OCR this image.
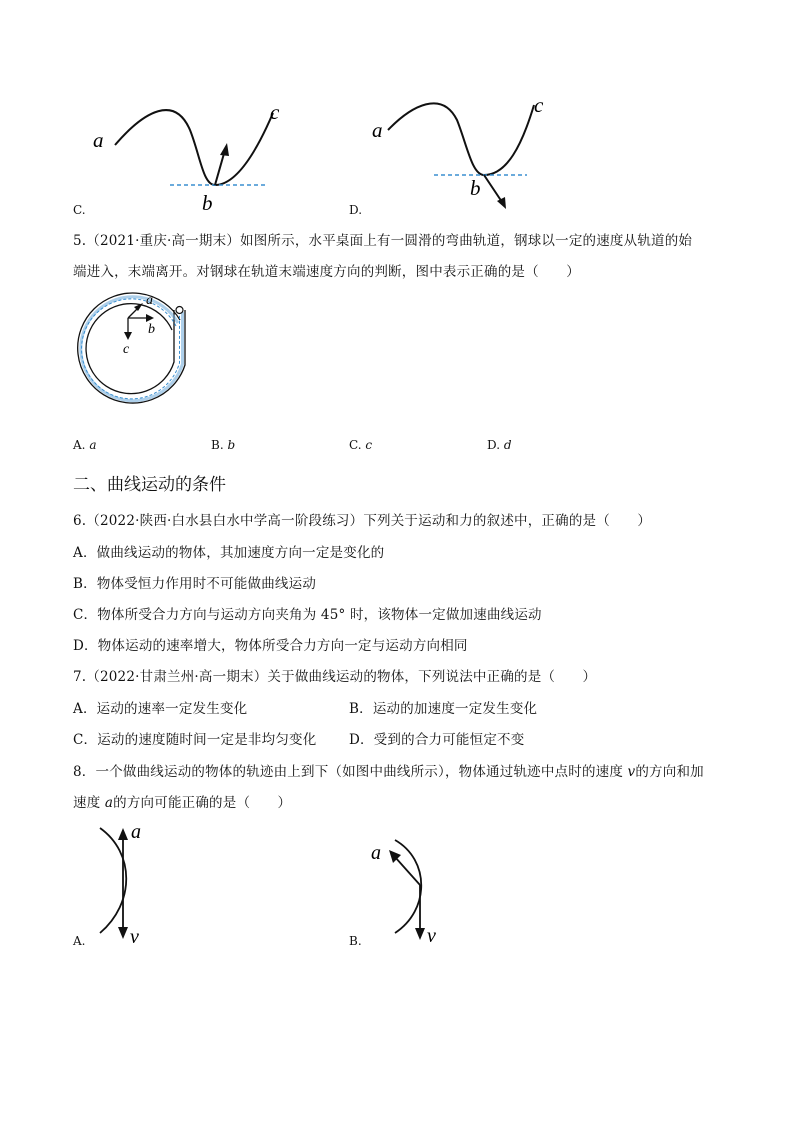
a
b
c
C.
a
b
c
D.
5.（2021·重庆·高一期末）如图所示，水平桌面上有一圆滑的弯曲轨道，钢球以一定的速度从轨道的始
端进入，末端离开。对钢球在轨道末端速度方向的判断，图中表示正确的是（　　）
a
b
c
A. a	B. b	C. c	D. d
二、曲线运动的条件
6.（2022·陕西·白水县白水中学高一阶段练习）下列关于运动和力的叙述中，正确的是（　　）
A．做曲线运动的物体，其加速度方向一定是变化的
B．物体受恒力作用时不可能做曲线运动
C．物体所受合力方向与运动方向夹角为 45° 时，该物体一定做加速曲线运动
D．物体运动的速率增大，物体所受合力方向一定与运动方向相同
7.（2022·甘肃兰州·高一期末）关于做曲线运动的物体，下列说法中正确的是（　　）
A．运动的速率一定发生变化	B．运动的加速度一定发生变化
C．运动的速度随时间一定是非均匀变化 D．受到的合力可能恒定不变
8．一个做曲线运动的物体的轨迹由上到下（如图中曲线所示），物体通过轨迹中点时的速度 v的方向和加
速度 a的方向可能正确的是（　　）
a
v
A.
a
v
B.
